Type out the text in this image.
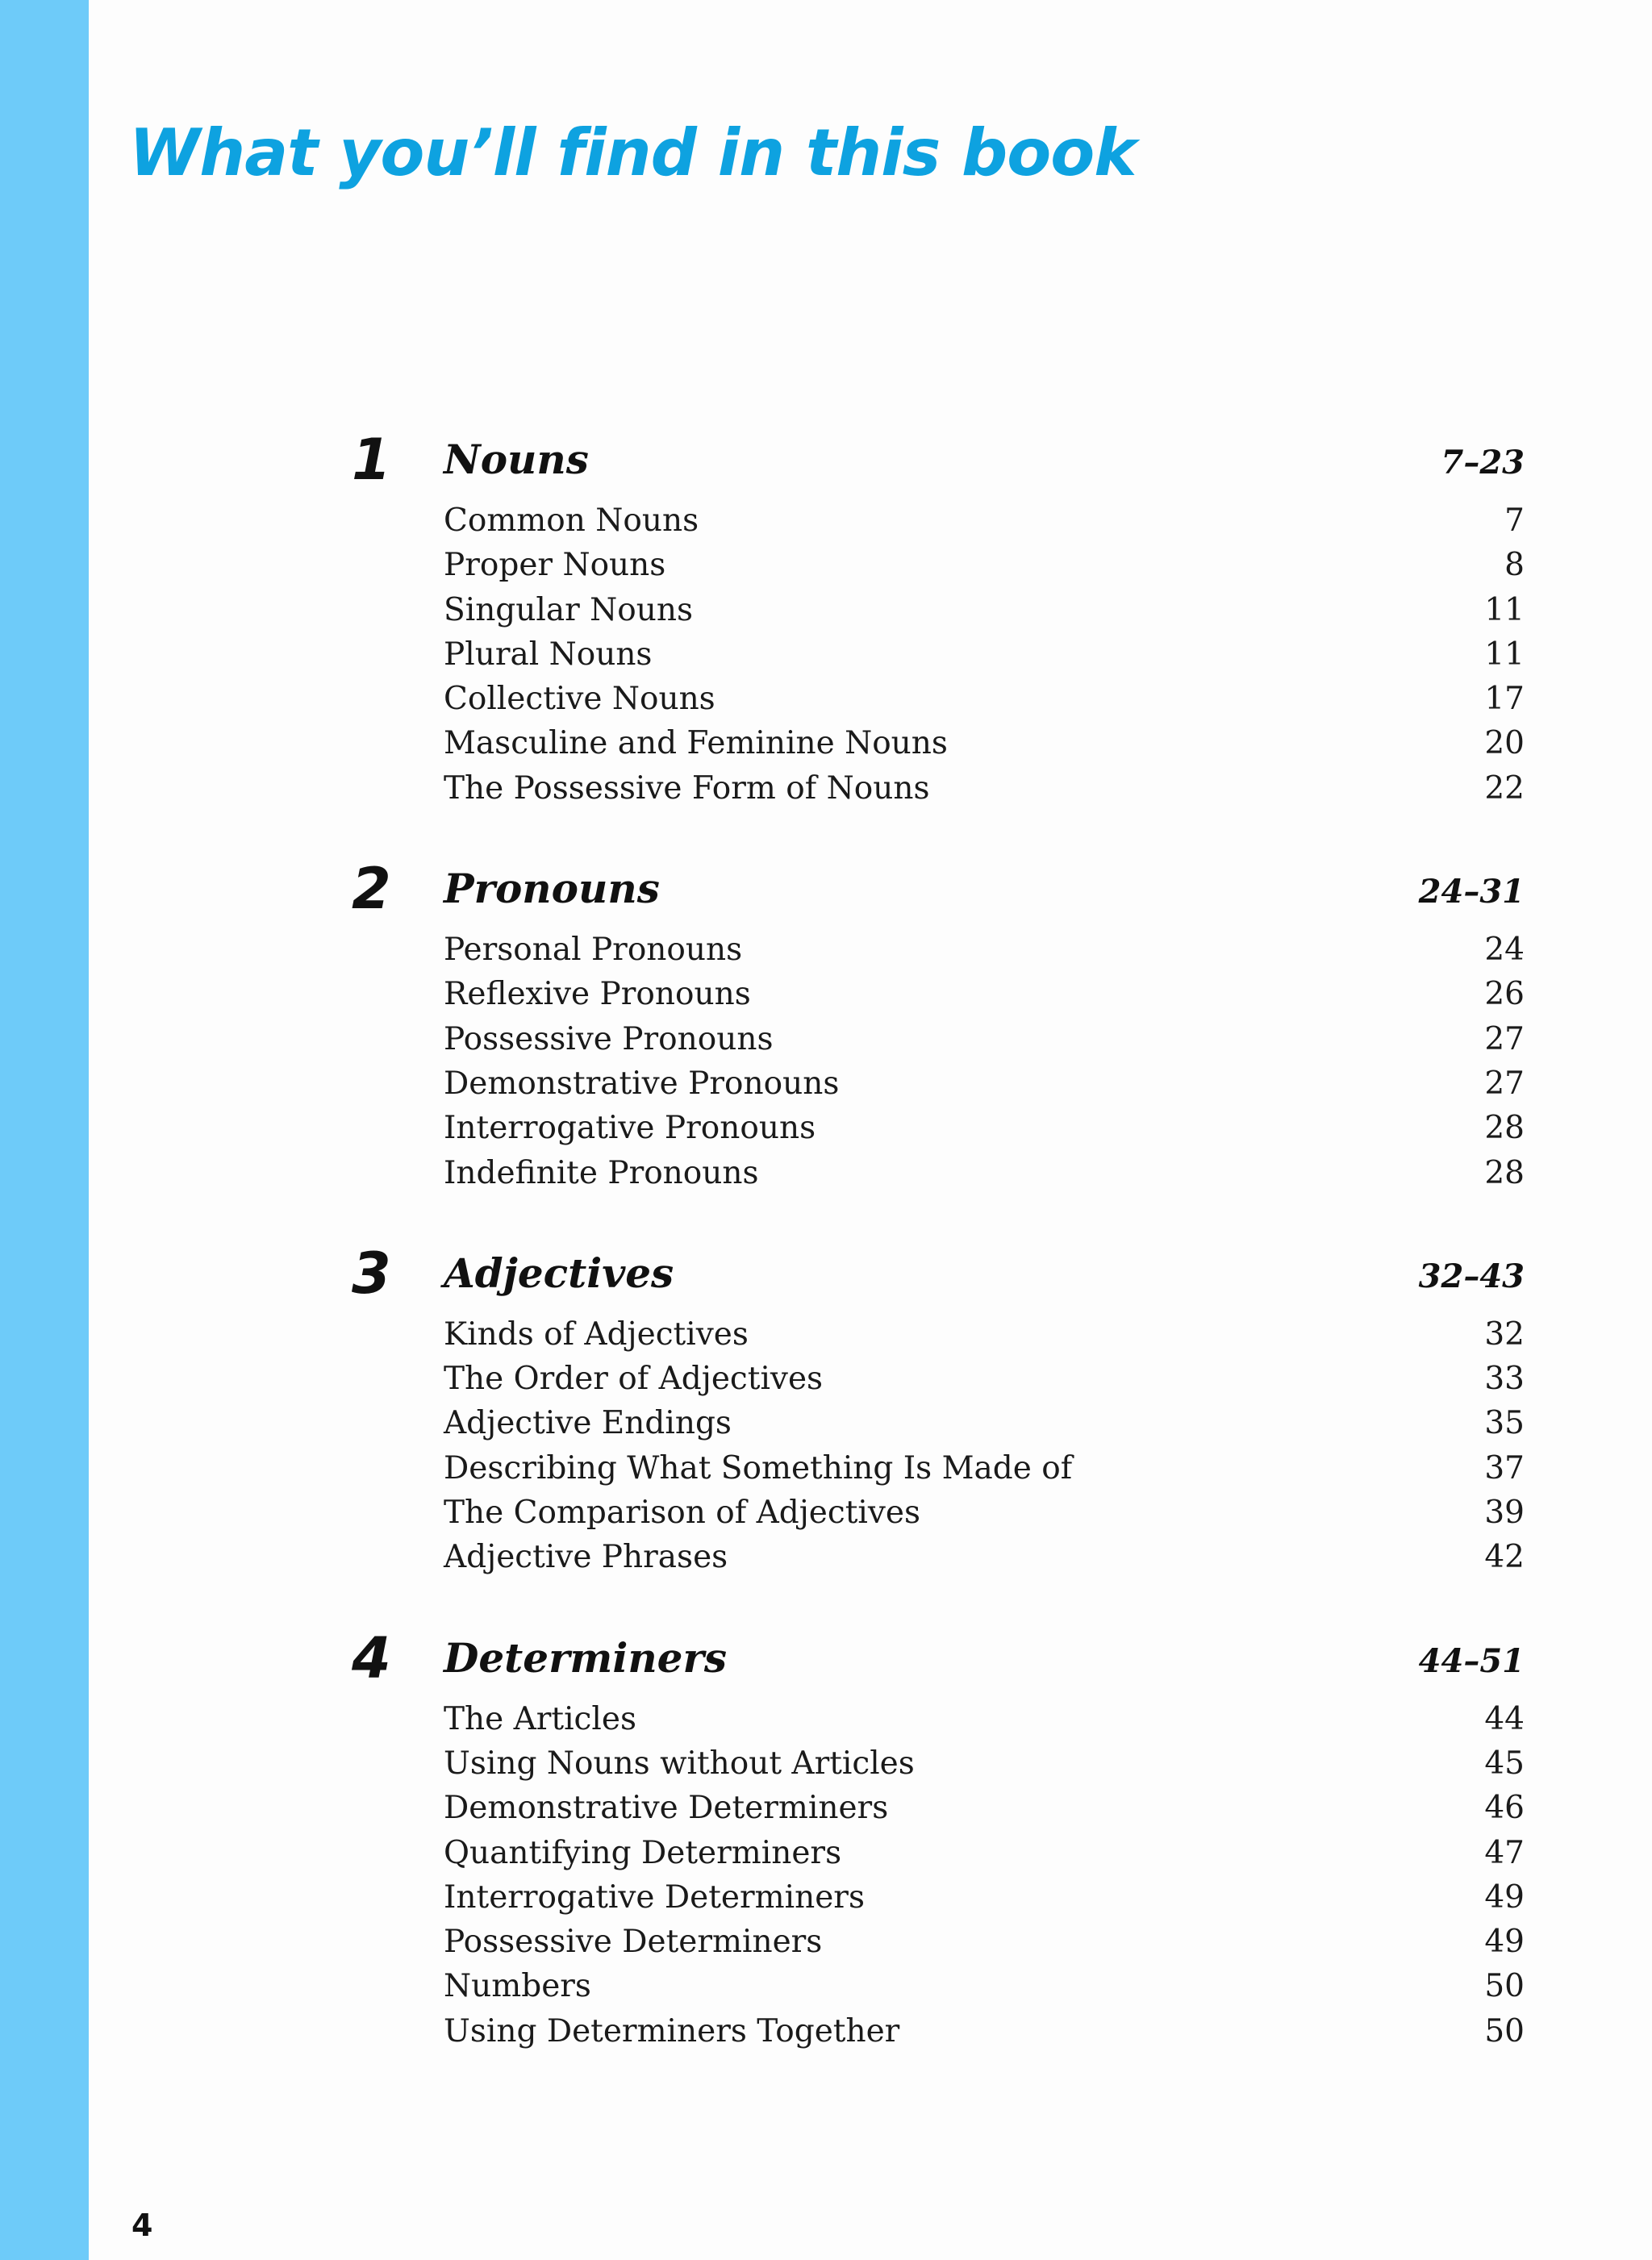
What you’ll find in this book
1 Nouns	7–23
Common Nouns	7
Proper Nouns	8
Singular Nouns	11
Plural Nouns	11
Collective Nouns	17
Masculine and Feminine Nouns	20
The Possessive Form of Nouns	22
2 Pronouns	24–31
Personal Pronouns	24
Reflexive Pronouns	26
Possessive Pronouns	27
Demonstrative Pronouns	27
Interrogative Pronouns	28
Indefinite Pronouns	28
3 Adjectives	32–43
Kinds of Adjectives	32
The Order of Adjectives	33
Adjective Endings	35
Describing What Something Is Made of	37
The Comparison of Adjectives	39
Adjective Phrases	42
4 Determiners	44–51
The Articles	44
Using Nouns without Articles	45
Demonstrative Determiners	46
Quantifying Determiners	47
Interrogative Determiners	49
Possessive Determiners	49
Numbers	50
Using Determiners Together	50
4
